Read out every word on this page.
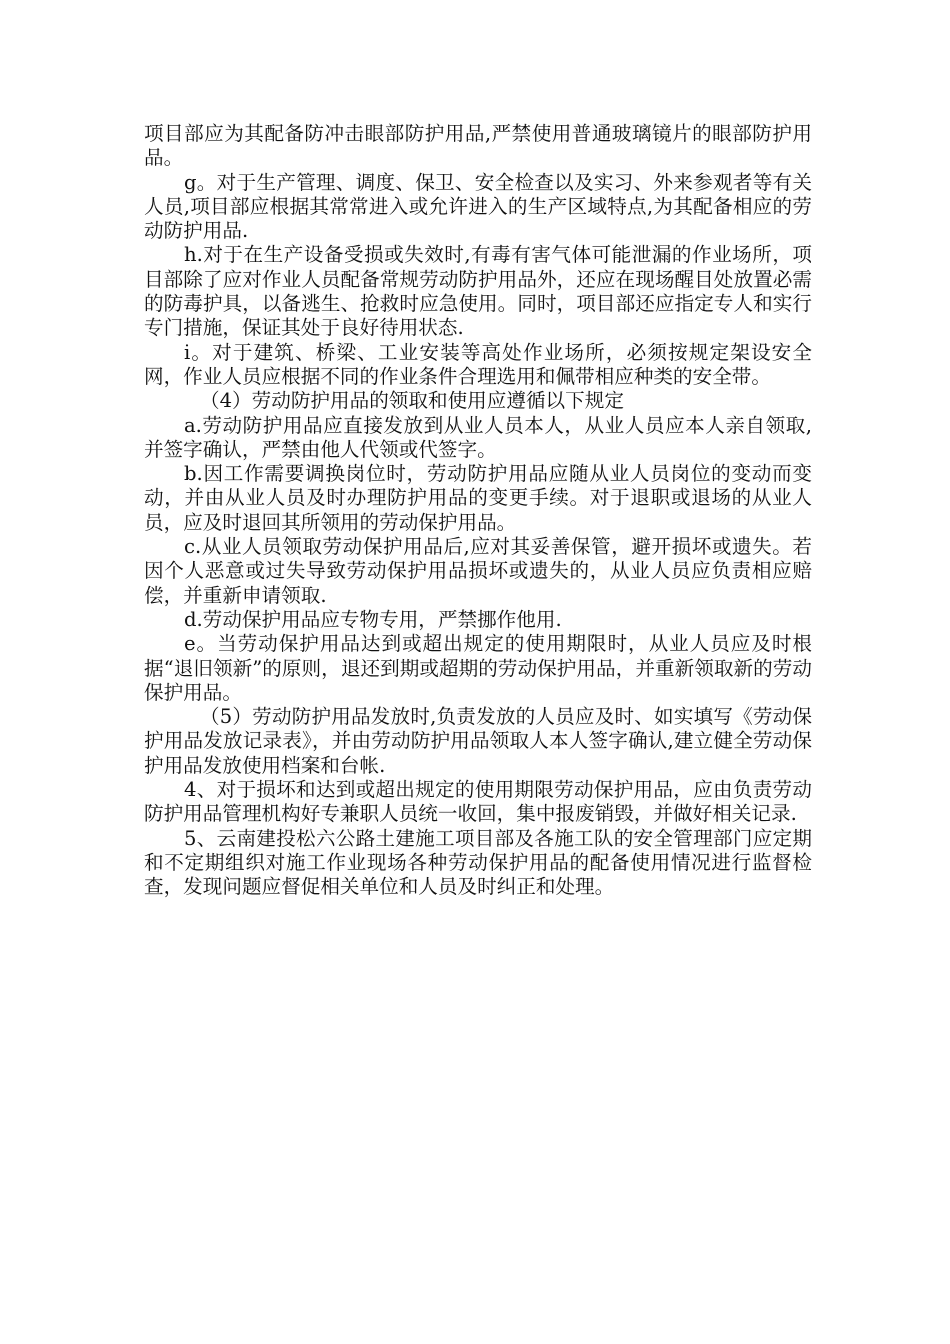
项目部应为其配备防冲击眼部防护用品,严禁使用普通玻璃镜片的眼部防护用品。

g。对于生产管理、调度、保卫、安全检查以及实习、外来参观者等有关人员,项目部应根据其常常进入或允许进入的生产区域特点,为其配备相应的劳动防护用品.

h.对于在生产设备受损或失效时,有毒有害气体可能泄漏的作业场所，项目部除了应对作业人员配备常规劳动防护用品外，还应在现场醒目处放置必需的防毒护具，以备逃生、抢救时应急使用。同时，项目部还应指定专人和实行专门措施，保证其处于良好待用状态.

i。对于建筑、桥梁、工业安装等高处作业场所，必须按规定架设安全网，作业人员应根据不同的作业条件合理选用和佩带相应种类的安全带。

（4）劳动防护用品的领取和使用应遵循以下规定

a.劳动防护用品应直接发放到从业人员本人，从业人员应本人亲自领取,并签字确认，严禁由他人代领或代签字。

b.因工作需要调换岗位时，劳动防护用品应随从业人员岗位的变动而变动，并由从业人员及时办理防护用品的变更手续。对于退职或退场的从业人员，应及时退回其所领用的劳动保护用品。

c.从业人员领取劳动保护用品后,应对其妥善保管，避开损坏或遗失。若因个人恶意或过失导致劳动保护用品损坏或遗失的，从业人员应负责相应赔偿，并重新申请领取.

d.劳动保护用品应专物专用，严禁挪作他用.

e。当劳动保护用品达到或超出规定的使用期限时，从业人员应及时根据“退旧领新”的原则，退还到期或超期的劳动保护用品，并重新领取新的劳动保护用品。

（5）劳动防护用品发放时,负责发放的人员应及时、如实填写《劳动保护用品发放记录表》，并由劳动防护用品领取人本人签字确认,建立健全劳动保护用品发放使用档案和台帐.

4、对于损坏和达到或超出规定的使用期限劳动保护用品，应由负责劳动防护用品管理机构好专兼职人员统一收回，集中报废销毁，并做好相关记录.

5、云南建投松六公路土建施工项目部及各施工队的安全管理部门应定期和不定期组织对施工作业现场各种劳动保护用品的配备使用情况进行监督检查，发现问题应督促相关单位和人员及时纠正和处理。
